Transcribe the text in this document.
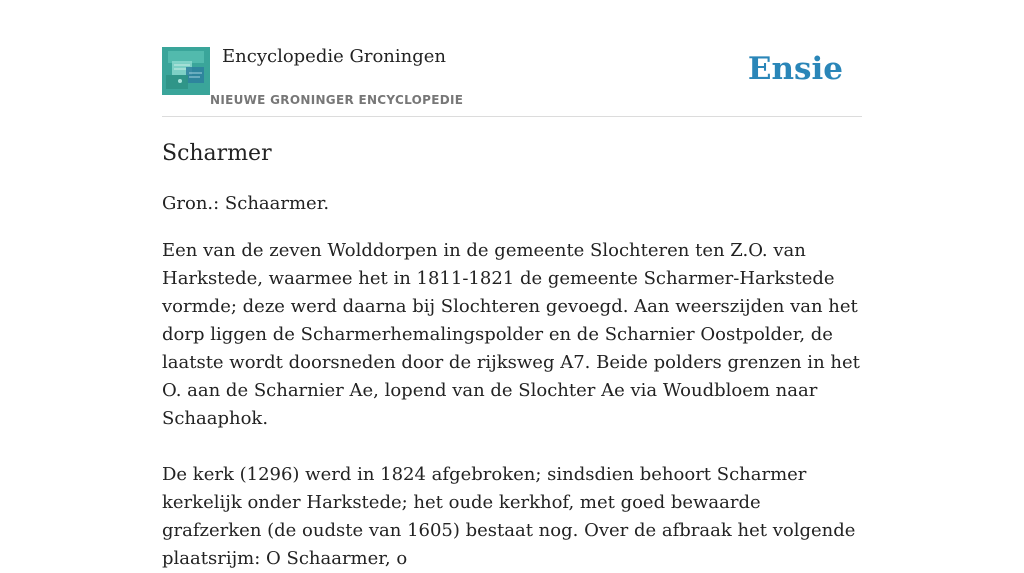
Encyclopedie Groningen
NIEUWE GRONINGER ENCYCLOPEDIE
Ensie
Scharmer

Gron.: Schaarmer.

Een van de zeven Wolddorpen in de gemeente Slochteren ten Z.O. van Harkstede, waarmee het in 1811-1821 de gemeente Scharmer-Harkstede vormde; deze werd daarna bij Slochteren gevoegd. Aan weerszijden van het dorp liggen de Scharmerhemalingspolder en de Scharnier Oostpolder, de laatste wordt doorsneden door de rijksweg A7. Beide polders grenzen in het O. aan de Scharnier Ae, lopend van de Slochter Ae via Woudbloem naar Schaaphok.

De kerk (1296) werd in 1824 afgebroken; sindsdien behoort Scharmer kerkelijk onder Harkstede; het oude kerkhof, met goed bewaarde grafzerken (de oudste van 1605) bestaat nog. Over de afbraak het volgende plaatsrijm: O Schaarmer, o
